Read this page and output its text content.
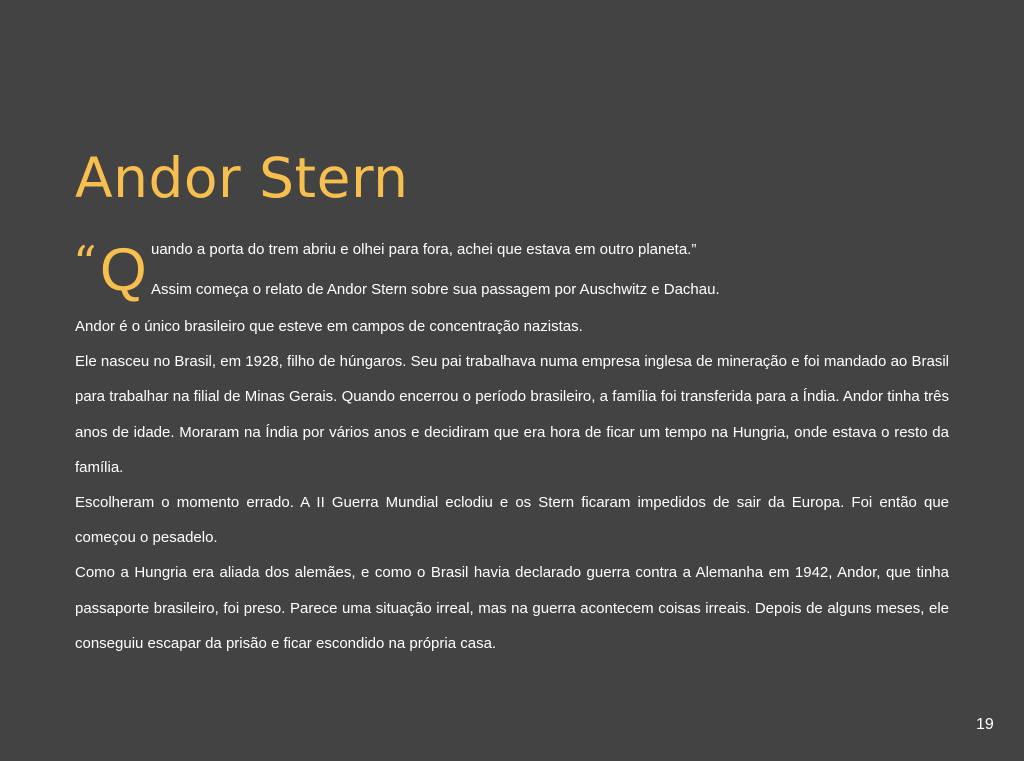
Andor Stern
“ Q uando a porta do trem abriu e olhei para fora, achei que estava em outro planeta.”
Assim começa o relato de Andor Stern sobre sua passagem por Auschwitz e Dachau.

Andor é o único brasileiro que esteve em campos de concentração nazistas.

Ele nasceu no Brasil, em 1928, filho de húngaros. Seu pai trabalhava numa empresa inglesa de mineração e foi mandado ao Brasil para trabalhar na filial de Minas Gerais. Quando encerrou o período brasileiro, a família foi transferida para a Índia. Andor tinha três anos de idade. Moraram na Índia por vários anos e decidiram que era hora de ficar um tempo na Hungria, onde estava o resto da família.

Escolheram o momento errado. A II Guerra Mundial eclodiu e os Stern ficaram impedidos de sair da Europa. Foi então que começou o pesadelo.

Como a Hungria era aliada dos alemães, e como o Brasil havia declarado guerra contra a Alemanha em 1942, Andor, que tinha passaporte brasileiro, foi preso. Parece uma situação irreal, mas na guerra acontecem coisas irreais. Depois de alguns meses, ele conseguiu escapar da prisão e ficar escondido na própria casa.

19
